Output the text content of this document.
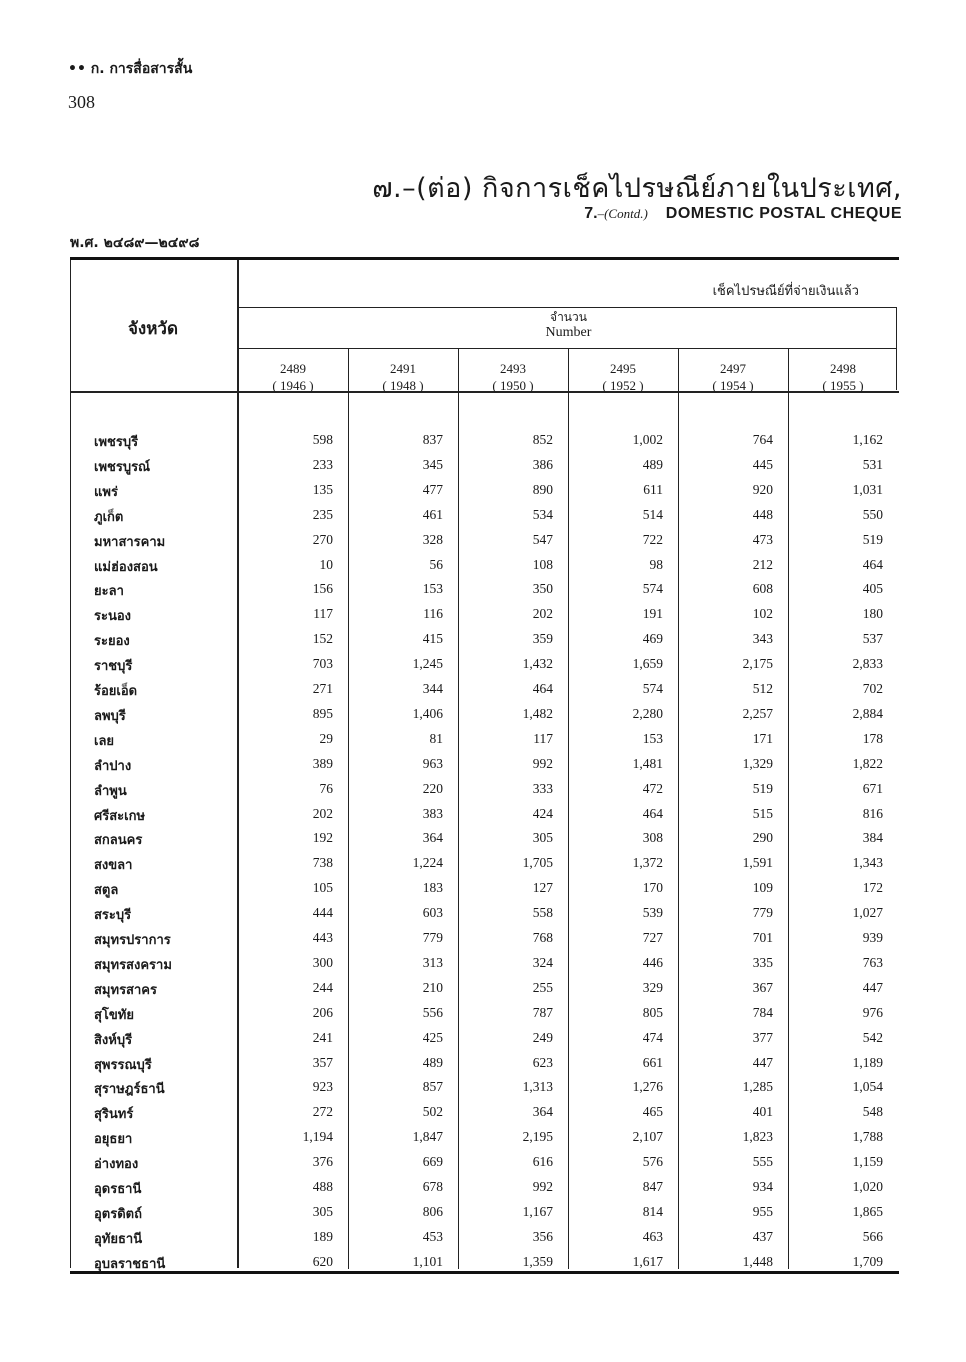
•• ก. การสื่อสารสั้น
308
๗.–(ต่อ) กิจการเช็คไปรษณีย์ภายในประเทศ,
7.–(Contd.) DOMESTIC POSTAL CHEQUE
พ.ศ. ๒๔๘๙—๒๔๙๘
จังหวัด
เช็คไปรษณีย์ที่จ่ายเงินแล้ว
จำนวน
Number
2489
( 1946 )
2491
( 1948 )
2493
( 1950 )
2495
( 1952 )
2497
( 1954 )
2498
( 1955 )
เพชรบุรี	598	837	852	1,002	764	1,162
เพชรบูรณ์	233	345	386	489	445	531
แพร่	135	477	890	611	920	1,031
ภูเก็ต	235	461	534	514	448	550
มหาสารคาม	270	328	547	722	473	519
แม่ฮ่องสอน	10	56	108	98	212	464
ยะลา	156	153	350	574	608	405
ระนอง	117	116	202	191	102	180
ระยอง	152	415	359	469	343	537
ราชบุรี	703	1,245	1,432	1,659	2,175	2,833
ร้อยเอ็ด	271	344	464	574	512	702
ลพบุรี	895	1,406	1,482	2,280	2,257	2,884
เลย	29	81	117	153	171	178
ลำปาง	389	963	992	1,481	1,329	1,822
ลำพูน	76	220	333	472	519	671
ศรีสะเกษ	202	383	424	464	515	816
สกลนคร	192	364	305	308	290	384
สงขลา	738	1,224	1,705	1,372	1,591	1,343
สตูล	105	183	127	170	109	172
สระบุรี	444	603	558	539	779	1,027
สมุทรปราการ	443	779	768	727	701	939
สมุทรสงคราม	300	313	324	446	335	763
สมุทรสาคร	244	210	255	329	367	447
สุโขทัย	206	556	787	805	784	976
สิงห์บุรี	241	425	249	474	377	542
สุพรรณบุรี	357	489	623	661	447	1,189
สุราษฎร์ธานี	923	857	1,313	1,276	1,285	1,054
สุรินทร์	272	502	364	465	401	548
อยุธยา	1,194	1,847	2,195	2,107	1,823	1,788
อ่างทอง	376	669	616	576	555	1,159
อุดรธานี	488	678	992	847	934	1,020
อุตรดิตถ์	305	806	1,167	814	955	1,865
อุทัยธานี	189	453	356	463	437	566
อุบลราชธานี	620	1,101	1,359	1,617	1,448	1,709
